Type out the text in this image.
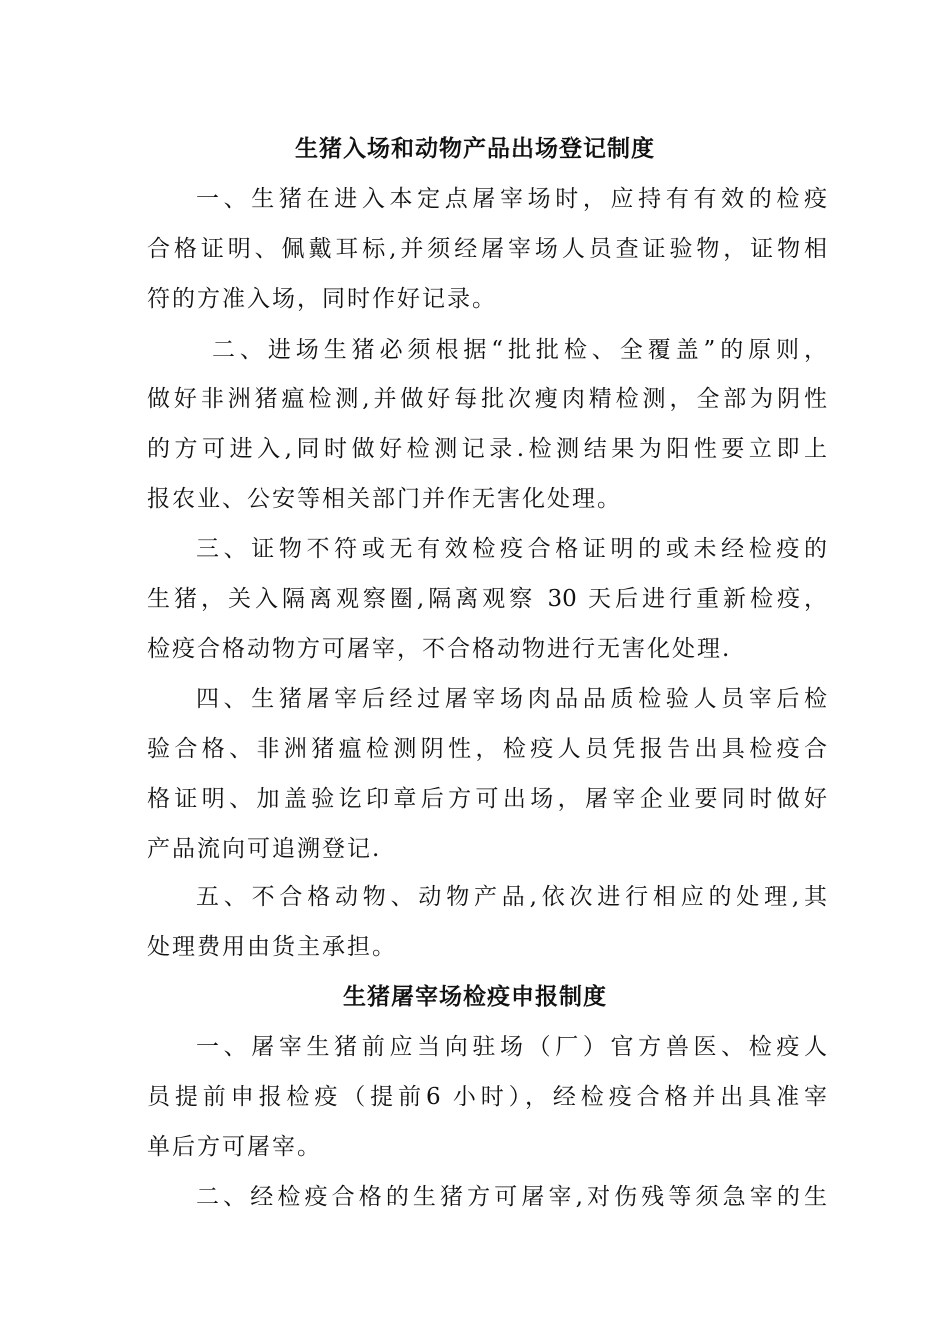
生猪入场和动物产品出场登记制度
一、生猪在进入本定点屠宰场时，应持有有效的检疫
合格证明、佩戴耳标,并须经屠宰场人员查证验物，证物相
符的方准入场，同时作好记录。
二、进场生猪必须根据“批批检、全覆盖”的原则，
做好非洲猪瘟检测,并做好每批次瘦肉精检测，全部为阴性
的方可进入,同时做好检测记录.检测结果为阳性要立即上
报农业、公安等相关部门并作无害化处理。
三、证物不符或无有效检疫合格证明的或未经检疫的
生猪，关入隔离观察圈,隔离观察 30 天后进行重新检疫，
检疫合格动物方可屠宰，不合格动物进行无害化处理.
四、生猪屠宰后经过屠宰场肉品品质检验人员宰后检
验合格、非洲猪瘟检测阴性，检疫人员凭报告出具检疫合
格证明、加盖验讫印章后方可出场，屠宰企业要同时做好
产品流向可追溯登记.
五、不合格动物、动物产品,依次进行相应的处理,其
处理费用由货主承担。
生猪屠宰场检疫申报制度
一、屠宰生猪前应当向驻场（厂）官方兽医、检疫人
员提前申报检疫（提前6 小时），经检疫合格并出具准宰
单后方可屠宰。
二、经检疫合格的生猪方可屠宰,对伤残等须急宰的生
